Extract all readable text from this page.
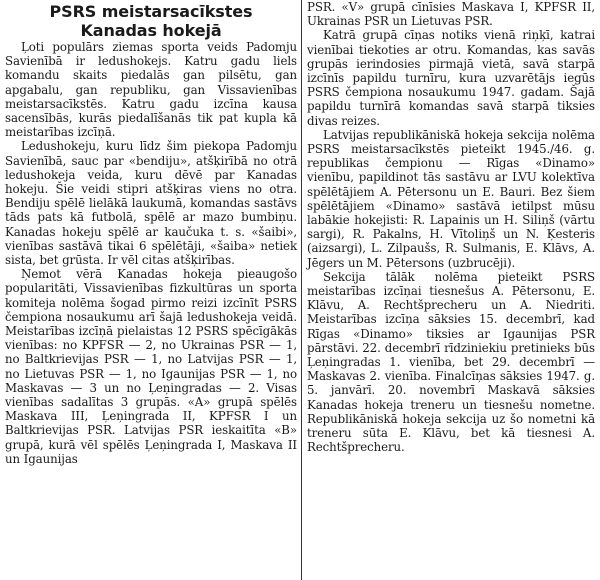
PSRS meistarsacīkstes
Kanadas hokejā

Ļoti populārs ziemas sporta veids Padomju Savienībā ir ledushokejs. Katru gadu liels komandu skaits piedalās gan pilsētu, gan apgabalu, gan republiku, gan Vissavienības meistarsacīkstēs. Katru gadu izcīna kausa sacensībās, kurās piedalīšanās tik pat kupla kā meistarības izcīņā.

Ledushokeju, kuru līdz šim piekopa Padomju Savienībā, sauc par «bendiju», atšķirībā no otrā ledushokeja veida, kuru dēvē par Kanadas hokeju. Šie veidi stipri atšķiras viens no otra. Bendiju spēlē lielākā laukumā, komandas sastāvs tāds pats kā futbolā, spēlē ar mazo bumbiņu. Kanadas hokeju spēlē ar kaučuka t. s. «šaibi», vienības sastāvā tikai 6 spēlētāji, «šaiba» netiek sista, bet grūsta. Ir vēl citas atšķirības.

Ņemot vērā Kanadas hokeja pieaugošo popularitāti, Vissavienības fizkultūras un sporta komiteja nolēma šogad pirmo reizi izcīnīt PSRS čempiona nosaukumu arī šajā ledushokeja veidā. Meistarības izcīņā pielaistas 12 PSRS spēcīgākās vienības: no KPFSR — 2, no Ukrainas PSR — 1, no Baltkrievijas PSR — 1, no Latvijas PSR — 1, no Lietuvas PSR — 1, no Igaunijas PSR — 1, no Maskavas — 3 un no Ļeņingradas — 2. Visas vienības sadalītas 3 grupās. «A» grupā spēlēs Maskava III, Ļeņingrada II, KPFSR I un Baltkrievijas PSR. Latvijas PSR ieskaitīta «B» grupā, kurā vēl spēlēs Ļeņingrada I, Maskava II un Igaunijas

PSR. «V» grupā cīnīsies Maskava I, KPFSR II, Ukrainas PSR un Lietuvas PSR.

Katrā grupā cīņas notiks vienā riņķī, katrai vienībai tiekoties ar otru. Komandas, kas savās grupās ierindosies pirmajā vietā, savā starpā izcīnīs papildu turnīru, kura uzvarētājs iegūs PSRS čempiona nosaukumu 1947. gadam. Šajā papildu turnīrā komandas savā starpā tiksies divas reizes.

Latvijas republikāniskā hokeja sekcija nolēma PSRS meistarsacīkstēs pieteikt 1945./46. g. republikas čempionu — Rīgas «Dinamo» vienību, papildinot tās sastāvu ar LVU kolektīva spēlētājiem A. Pētersonu un E. Bauri. Bez šiem spēlētājiem «Dinamo» sastāvā ietilpst mūsu labākie hokejisti: R. Lapainis un H. Siliņš (vārtu sargi), R. Pakalns, H. Vītoliņš un N. Ķesteris (aizsargi), L. Zilpaušs, R. Sulmanis, E. Klāvs, A. Jēgers un M. Pētersons (uzbrucēji).

Sekcija tālāk nolēma pieteikt PSRS meistarības izcīņai tiesnešus A. Pētersonu, E. Klāvu, A. Rechtšprecheru un A. Niedriti. Meistarības izcīņa sāksies 15. decembrī, kad Rīgas «Dinamo» tiksies ar Igaunijas PSR pārstāvi. 22. decembrī rīdziniekiu pretinieks būs Ļeņingradas 1. vienība, bet 29. decembrī — Maskavas 2. vienība. Finalcīņas sāksies 1947. g. 5. janvārī. 20. novembrī Maskavā sāksies Kanadas hokeja treneru un tiesnešu nometne. Republikāniskā hokeja sekcija uz šo nometni kā treneru sūta E. Klāvu, bet kā tiesnesi A. Rechtšprecheru.
